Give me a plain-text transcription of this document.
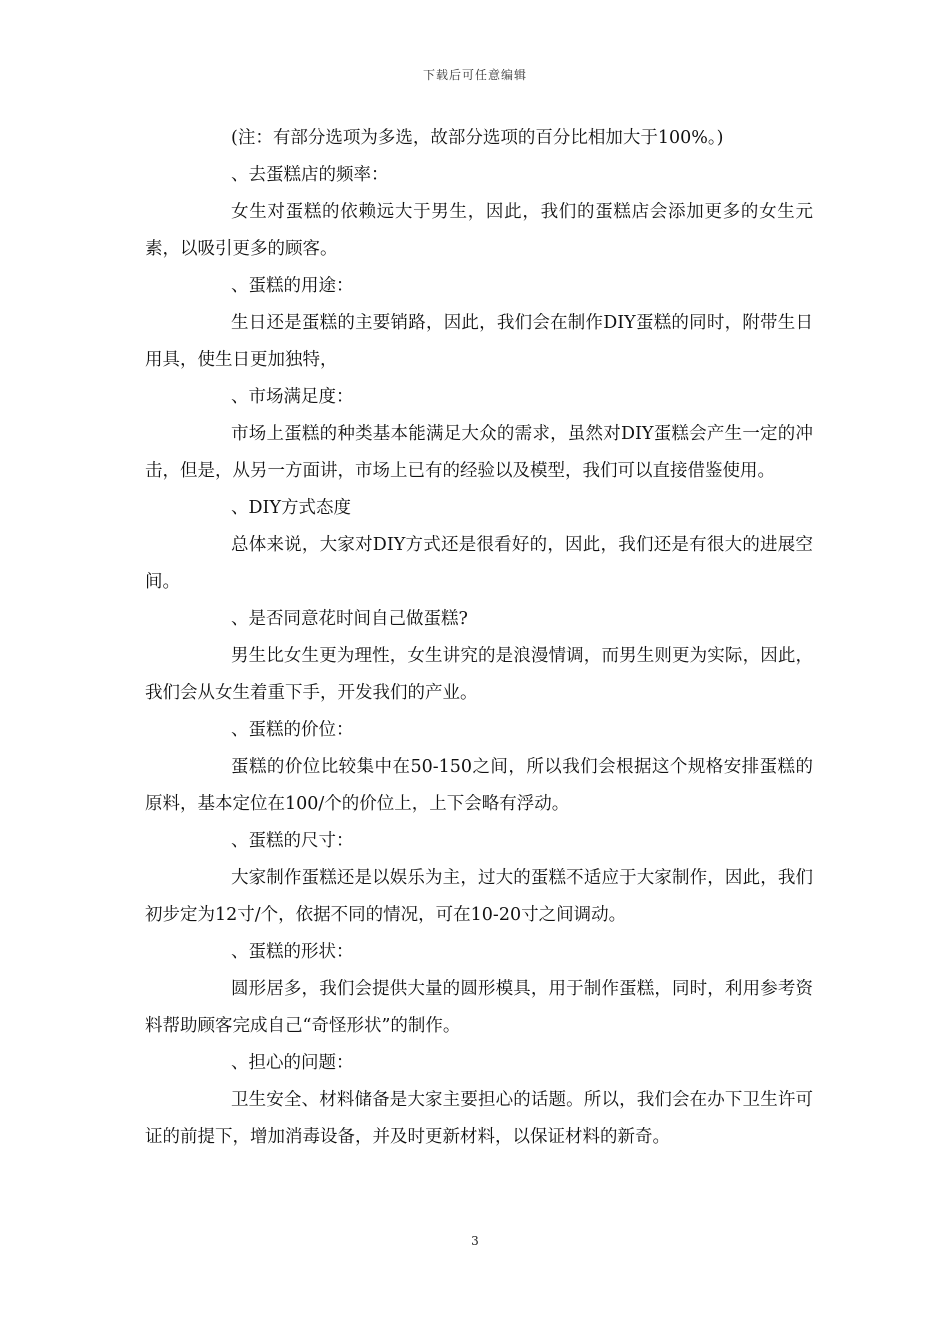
下载后可任意编辑

(注：有部分选项为多选，故部分选项的百分比相加大于100%。)

、去蛋糕店的频率：

女生对蛋糕的依赖远大于男生，因此，我们的蛋糕店会添加更多的女生元素，以吸引更多的顾客。

、蛋糕的用途：

生日还是蛋糕的主要销路，因此，我们会在制作DIY蛋糕的同时，附带生日用具，使生日更加独特，

、市场满足度：

市场上蛋糕的种类基本能满足大众的需求，虽然对DIY蛋糕会产生一定的冲击，但是，从另一方面讲，市场上已有的经验以及模型，我们可以直接借鉴使用。

、DIY方式态度

总体来说，大家对DIY方式还是很看好的，因此，我们还是有很大的进展空间。

、是否同意花时间自己做蛋糕?

男生比女生更为理性，女生讲究的是浪漫情调，而男生则更为实际，因此，我们会从女生着重下手，开发我们的产业。

、蛋糕的价位：

蛋糕的价位比较集中在50-150之间，所以我们会根据这个规格安排蛋糕的原料，基本定位在100/个的价位上，上下会略有浮动。

、蛋糕的尺寸：

大家制作蛋糕还是以娱乐为主，过大的蛋糕不适应于大家制作，因此，我们初步定为12寸/个，依据不同的情况，可在10-20寸之间调动。

、蛋糕的形状：

圆形居多，我们会提供大量的圆形模具，用于制作蛋糕，同时，利用参考资料帮助顾客完成自己“奇怪形状”的制作。

、担心的问题：

卫生安全、材料储备是大家主要担心的话题。所以，我们会在办下卫生许可证的前提下，增加消毒设备，并及时更新材料，以保证材料的新奇。

3
